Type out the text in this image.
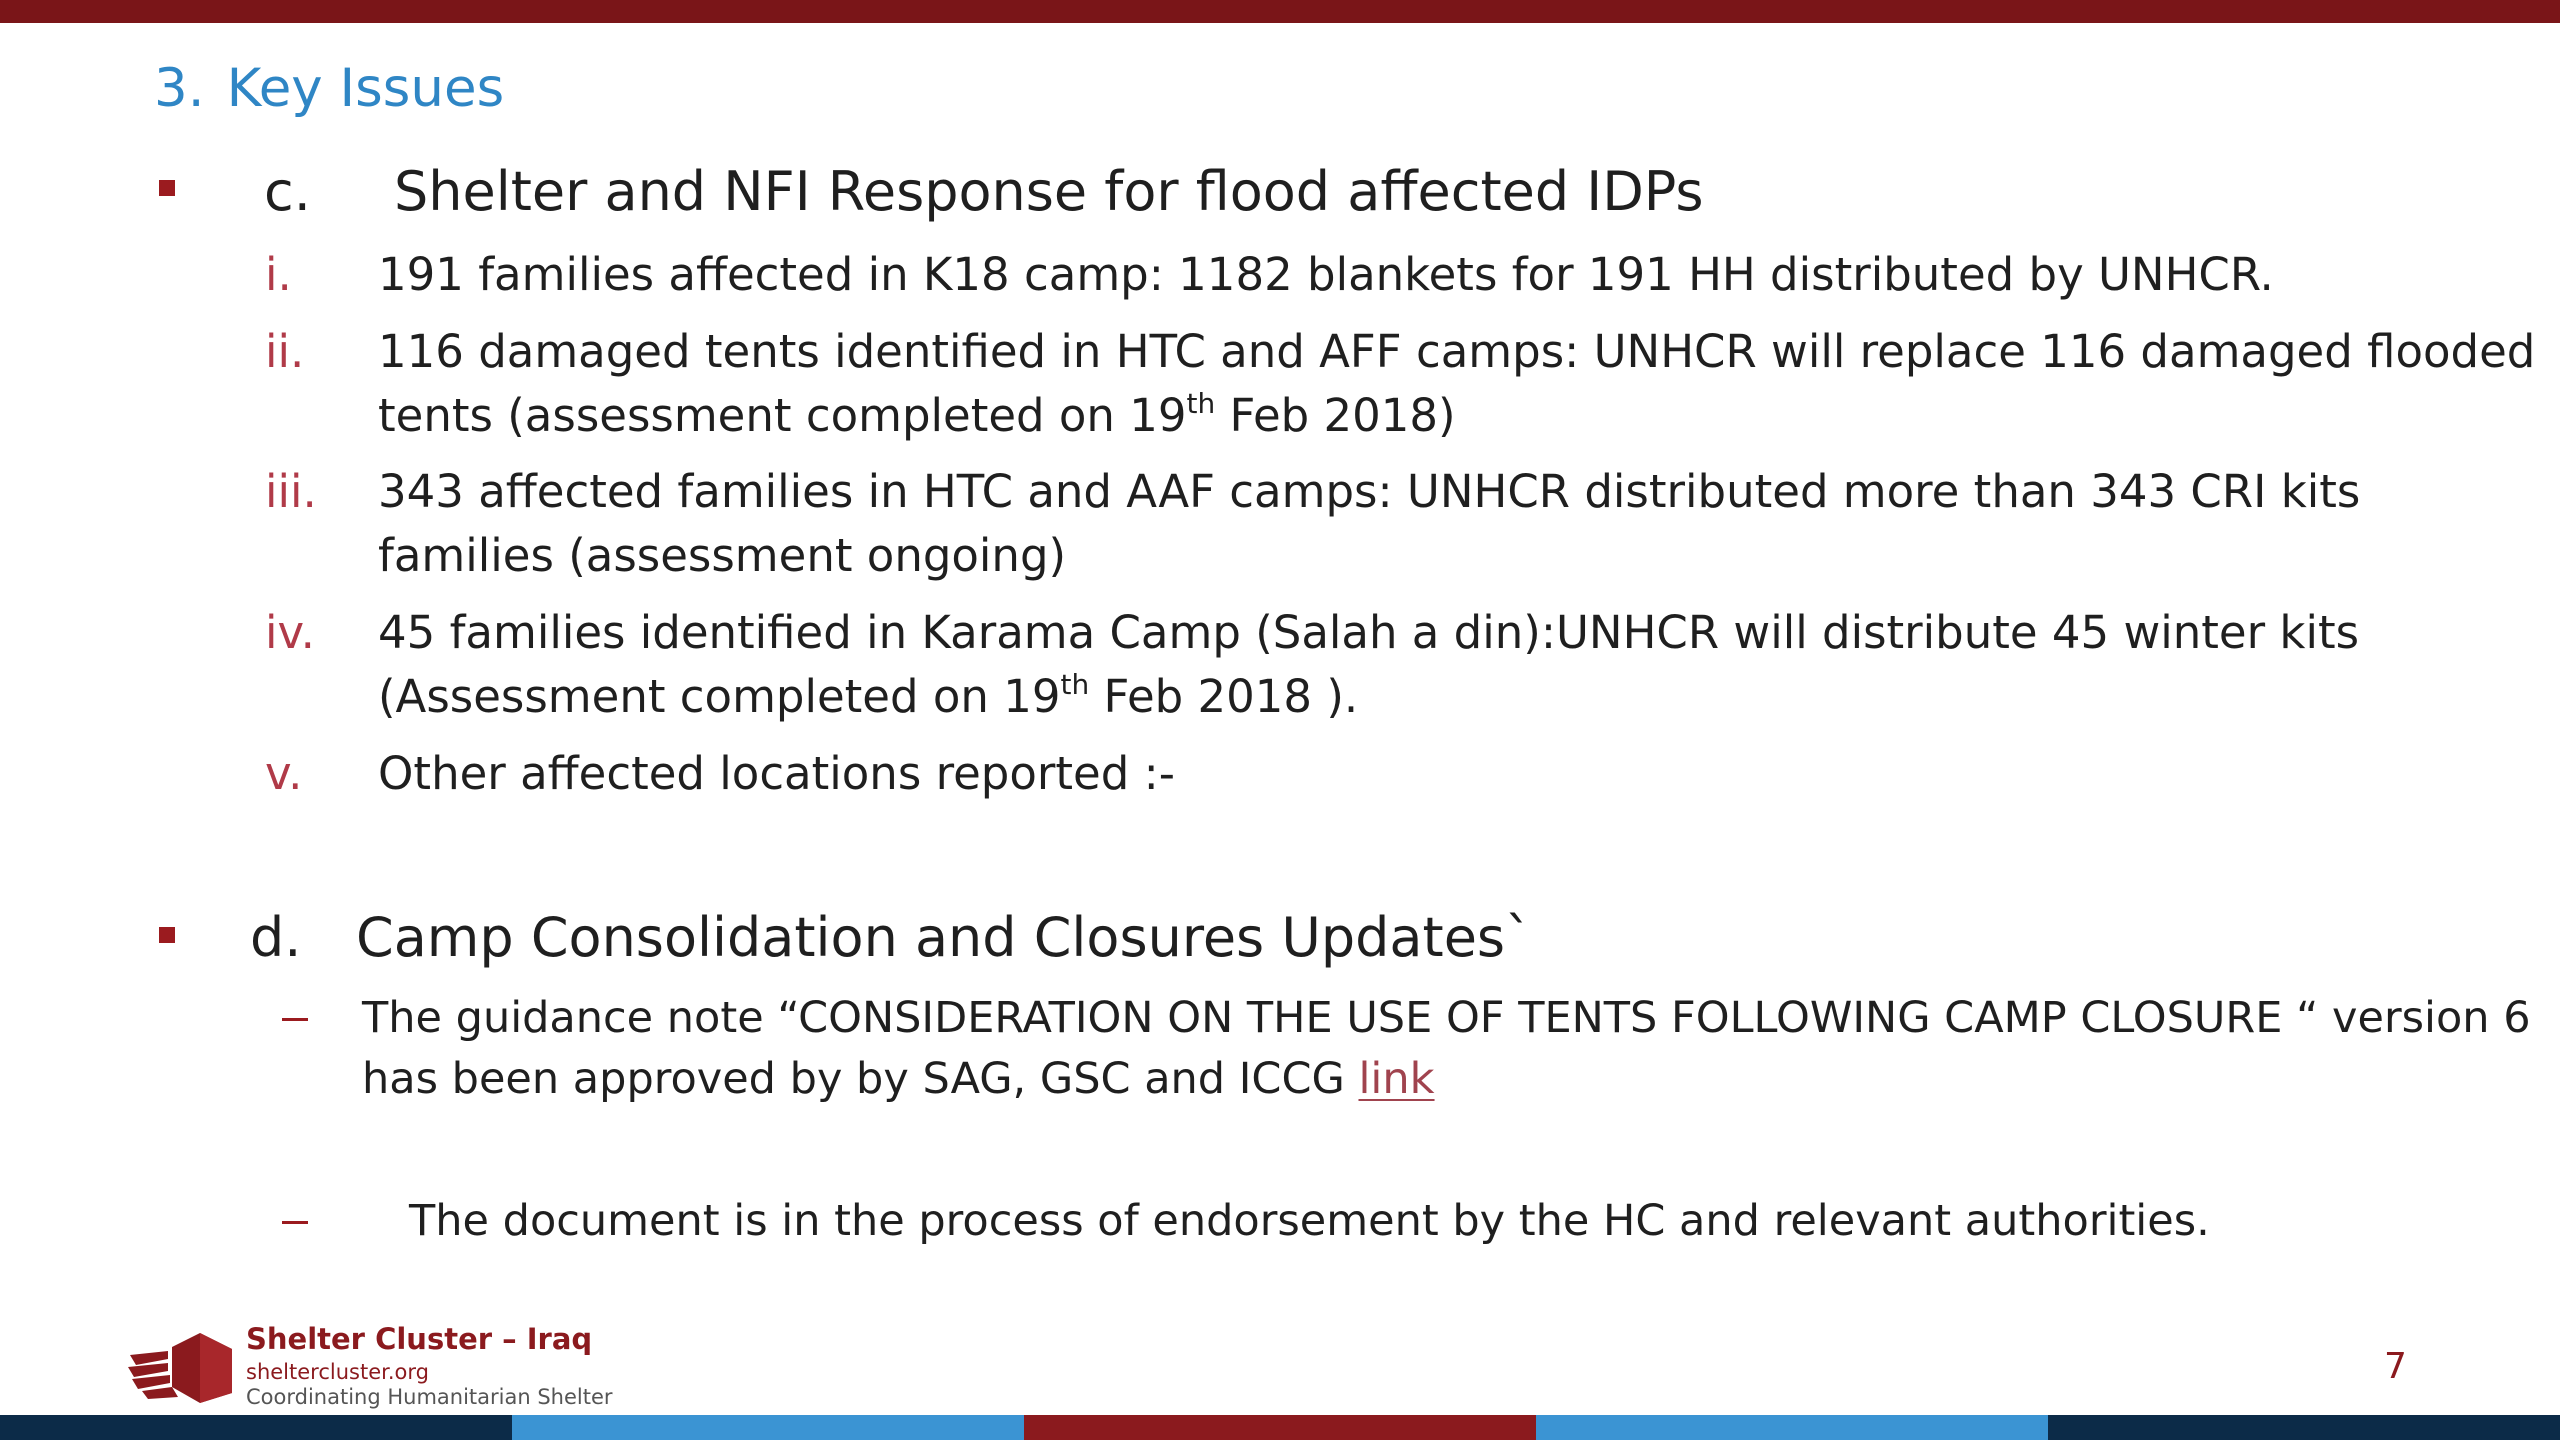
3. Key Issues
c. Shelter and NFI Response for flood affected IDPs
i. 191 families affected in K18 camp: 1182 blankets for 191 HH distributed by UNHCR.
ii. 116 damaged tents identified in HTC and AFF camps: UNHCR will replace 116 damaged flooded
tents (assessment completed on 19th Feb 2018)
iii. 343 affected families in HTC and AAF camps: UNHCR distributed more than 343 CRI kits
families (assessment ongoing)
iv. 45 families identified in Karama Camp (Salah a din):UNHCR will distribute 45 winter kits
(Assessment completed on 19th Feb 2018 ).
v. Other affected locations reported :-
d. Camp Consolidation and Closures Updates`
The guidance note “CONSIDERATION ON THE USE OF TENTS FOLLOWING CAMP CLOSURE “ version 6
has been approved by by SAG, GSC and ICCG link
The document is in the process of endorsement by the HC and relevant authorities.
Shelter Cluster – Iraq
sheltercluster.org
Coordinating Humanitarian Shelter
7
